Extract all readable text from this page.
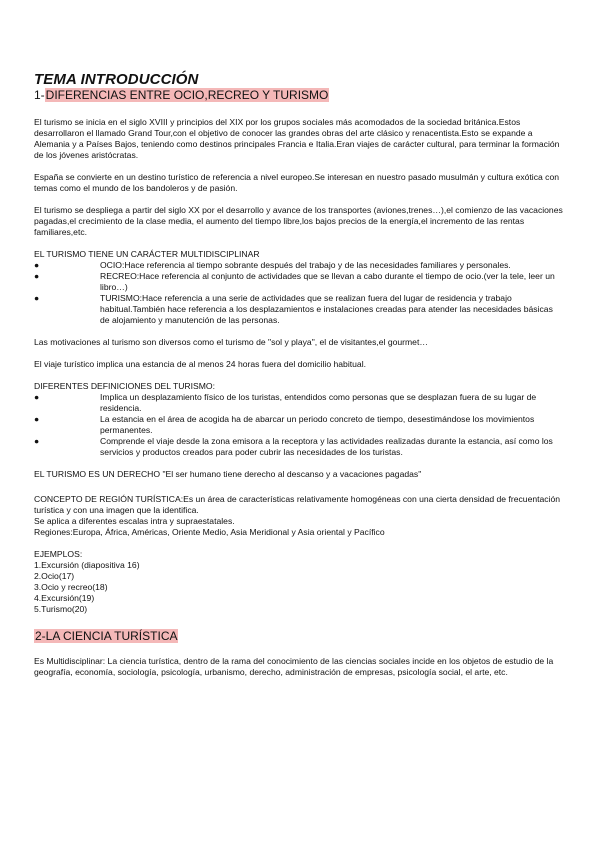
TEMA INTRODUCCIÓN
1-DIFERENCIAS ENTRE OCIO,RECREO Y TURISMO

El turismo se inicia en el siglo XVIII y principios del XIX por los grupos sociales más acomodados de la sociedad británica.Estos desarrollaron el llamado Grand Tour,con el objetivo de conocer las grandes obras del arte clásico y renacentista.Esto se expande a Alemania y a Países Bajos, teniendo como destinos principales Francia e Italia.Eran viajes de carácter cultural, para terminar la formación de los jóvenes aristócratas.

España se convierte en un destino turístico de referencia a nivel europeo.Se interesan en nuestro pasado musulmán y cultura exótica con temas como el mundo de los bandoleros y de pasión.

El turismo se despliega a partir del siglo XX por el desarrollo y avance de los transportes (aviones,trenes…),el comienzo de las vacaciones pagadas,el crecimiento de la clase media, el aumento del tiempo libre,los bajos precios de la energía,el incremento de las rentas familiares,etc.

EL TURISMO TIENE UN CARÁCTER MULTIDISCIPLINAR
●	OCIO:Hace referencia al tiempo sobrante después del trabajo y de las necesidades familiares y personales.
●	RECREO:Hace referencia al conjunto de actividades que se llevan a cabo durante el tiempo de ocio.(ver la tele, leer un libro…)
●	TURISMO:Hace referencia a una serie de actividades que se realizan fuera del lugar de residencia y trabajo habitual.También hace referencia a los desplazamientos e instalaciones creadas para atender las necesidades básicas de alojamiento y manutención de las personas.

Las motivaciones al turismo son diversos como el turismo de "sol y playa", el de visitantes,el gourmet…

El viaje turístico implica una estancia de al menos 24 horas fuera del domicilio habitual.

DIFERENTES DEFINICIONES DEL TURISMO:
●	Implica un desplazamiento físico de los turistas, entendidos como personas que se desplazan fuera de su lugar de residencia.
●	La estancia en el área de acogida ha de abarcar un periodo concreto de tiempo, desestimándose los movimientos permanentes.
●	Comprende el viaje desde la zona emisora a la receptora y las actividades realizadas durante la estancia, así como los servicios y productos creados para poder cubrir las necesidades de los turistas.

EL TURISMO ES UN DERECHO "El ser humano tiene derecho al descanso y a vacaciones pagadas"

CONCEPTO DE REGIÓN TURÍSTICA:Es un área de características relativamente homogéneas con una cierta densidad de frecuentación turística y con una imagen que la identifica.
Se aplica a diferentes escalas intra y supraestatales.
Regiones:Europa, África, Américas, Oriente Medio, Asia Meridional y Asia oriental y Pacífico
EJEMPLOS:
1.Excursión (diapositiva 16)
2.Ocio(17)
3.Ocio y recreo(18)
4.Excursión(19)
5.Turismo(20)
2-LA CIENCIA TURÍSTICA

Es Multidisciplinar: La ciencia turística, dentro de la rama del conocimiento de las ciencias sociales incide en los objetos de estudio de la geografía, economía, sociología, psicología, urbanismo, derecho, administración de empresas, psicología social, el arte, etc.
